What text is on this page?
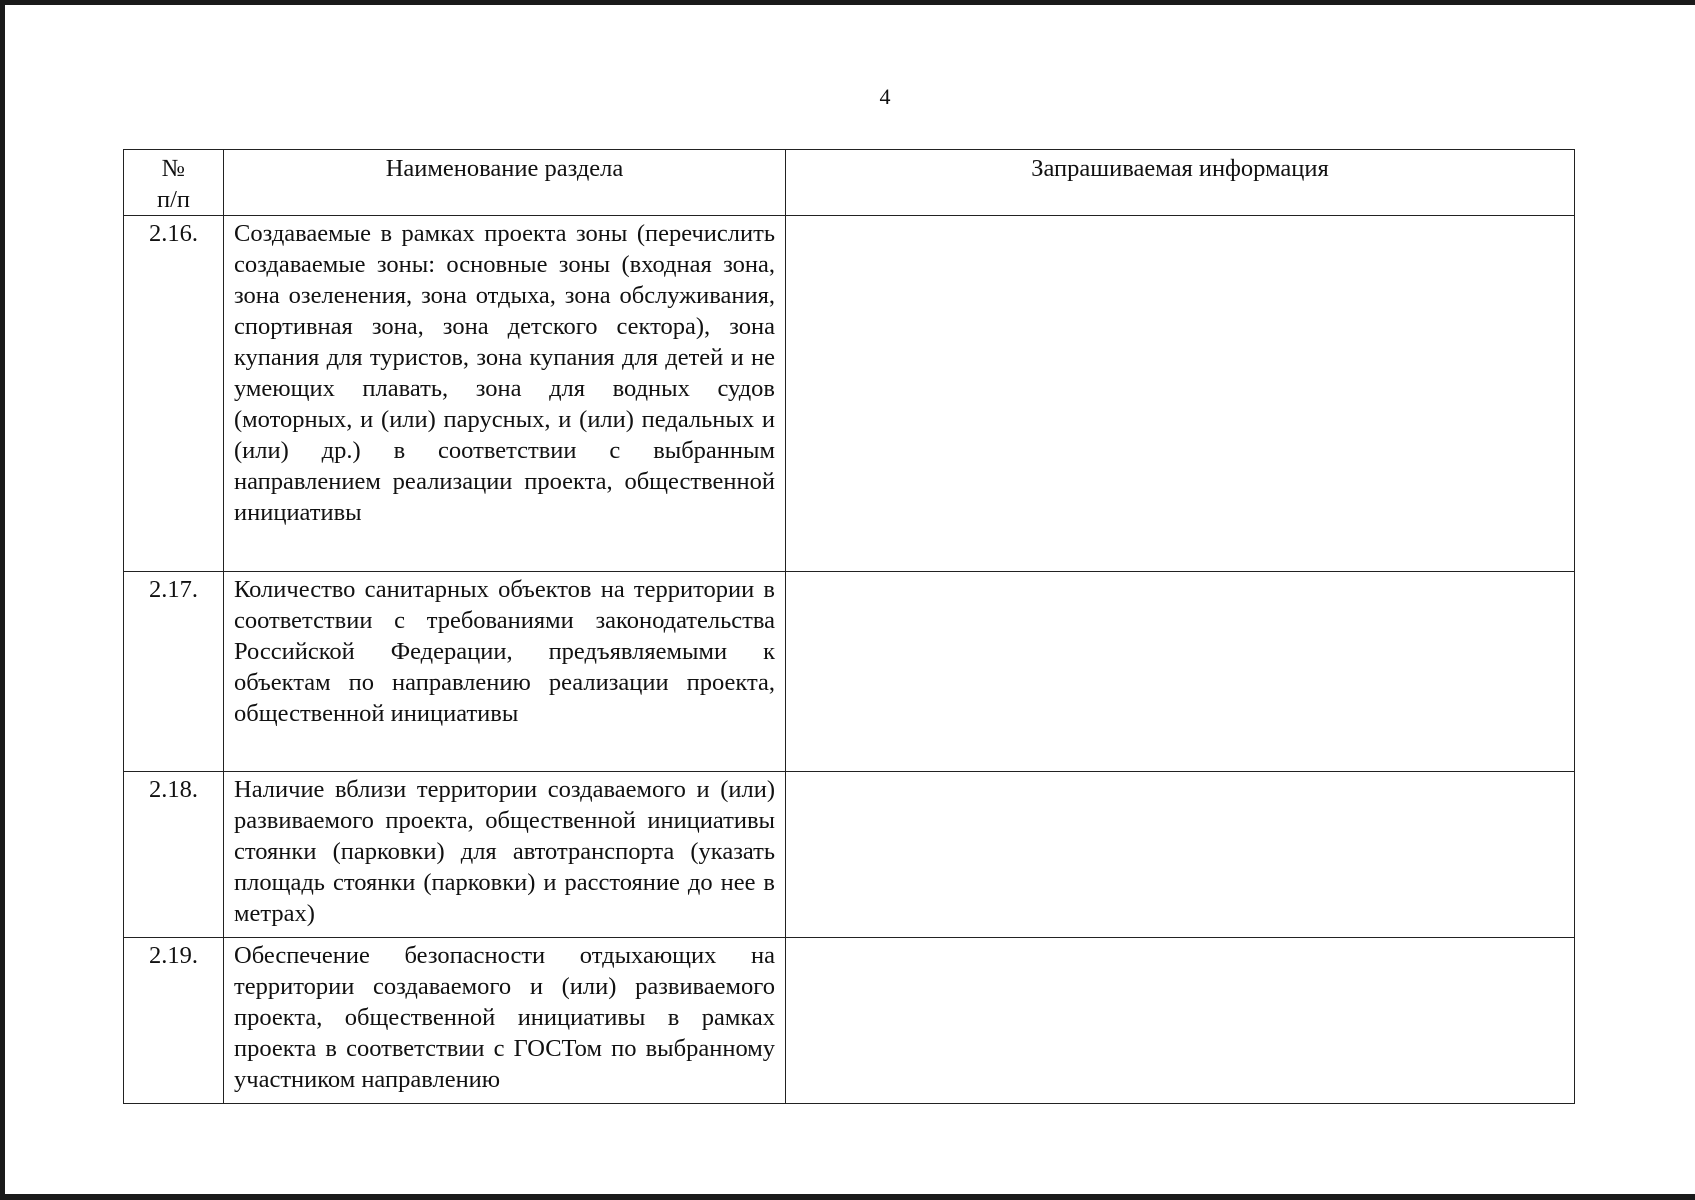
4
№
п/п	Наименование раздела	Запрашиваемая информация
2.16.	Создаваемые в рамках проекта зоны (перечислить создаваемые зоны: основные зоны (входная зона, зона озеленения, зона отдыха, зона обслуживания, спортивная зона, зона детского сектора), зона купания для туристов, зона купания для детей и не умеющих плавать, зона для водных судов (моторных, и (или) парусных, и (или) педальных и (или) др.) в соответствии с выбранным направлением реализации проекта, общественной инициативы	
2.17.	Количество санитарных объектов на территории в соответствии с требованиями законодательства Российской Федерации, предъявляемыми к объектам по направлению реализации проекта, общественной инициативы	
2.18.	Наличие вблизи территории создаваемого и (или) развиваемого проекта, общественной инициативы стоянки (парковки) для автотранспорта (указать площадь стоянки (парковки) и расстояние до нее в метрах)	
2.19.	Обеспечение безопасности отдыхающих на территории создаваемого и (или) развиваемого проекта, общественной инициативы в рамках проекта в соответствии с ГОСТом по выбранному участником направлению	
